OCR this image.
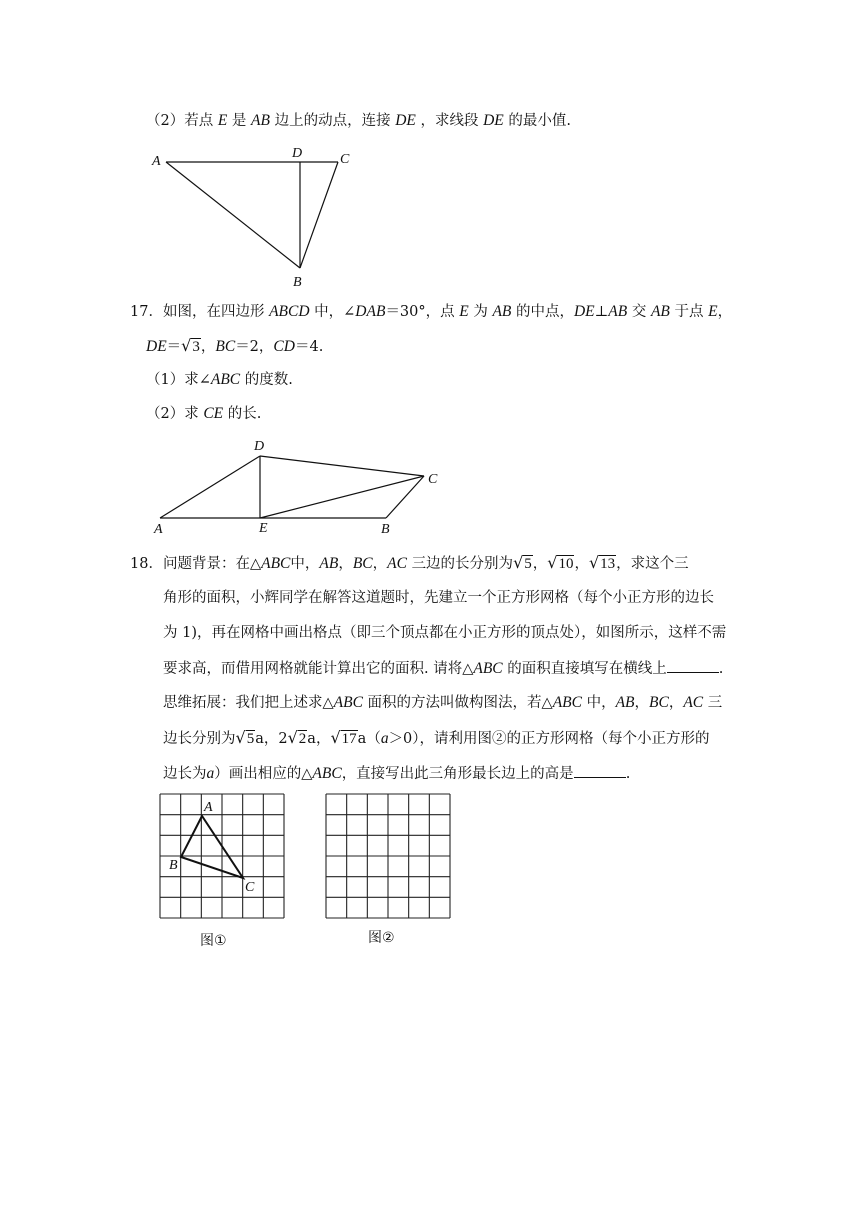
（2）若点 E 是 AB 边上的动点，连接 DE ，求线段 DE 的最小值.
A
D	C
B
17．如图，在四边形 ABCD 中，∠DAB＝30°，点 E 为 AB 的中点，DE⊥AB 交 AB 于点 E，
DE＝√3，BC＝2，CD＝4.
（1）求∠ABC 的度数.
（2）求 CE 的长.
D
C
A	E	B
18．问题背景：在△ABC中，AB，BC，AC 三边的长分别为√5，√10，√13，求这个三
角形的面积，小辉同学在解答这道题时，先建立一个正方形网格（每个小正方形的边长
为 1)，再在网格中画出格点（即三个顶点都在小正方形的顶点处），如图所示，这样不需
要求高，而借用网格就能计算出它的面积. 请将△ABC 的面积直接填写在横线上	.
思维拓展：我们把上述求△ABC 面积的方法叫做构图法，若△ABC 中，AB，BC，AC 三
边长分别为√5a，2√2a，√17a（a＞0），请利用图②的正方形网格（每个小正方形的
边长为a）画出相应的△ABC，直接写出此三角形最长边上的高是	.
A
B
C
图①	图②
